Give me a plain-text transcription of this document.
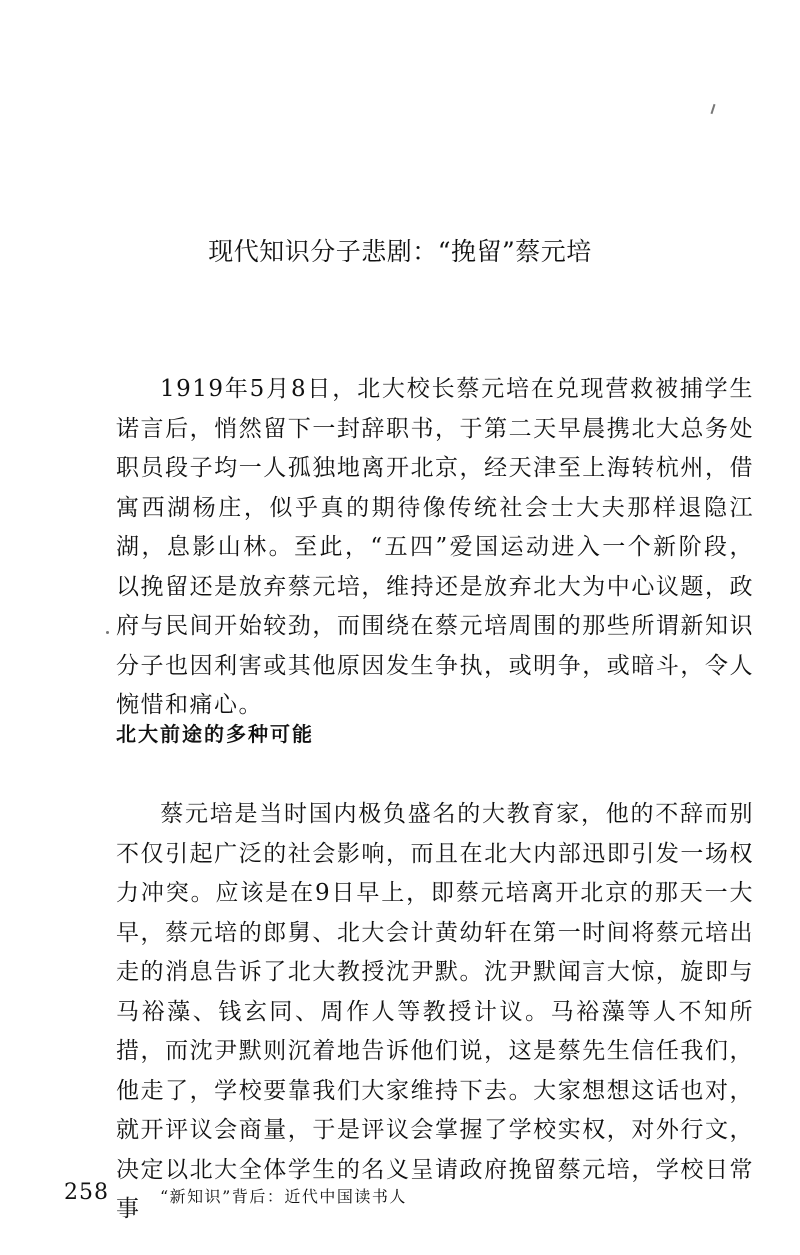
现代知识分子悲剧：“挽留”蔡元培

1919年5月8日，北大校长蔡元培在兑现营救被捕学生诺言后，悄然留下一封辞职书，于第二天早晨携北大总务处职员段子均一人孤独地离开北京，经天津至上海转杭州，借寓西湖杨庄，似乎真的期待像传统社会士大夫那样退隐江湖，息影山林。至此，“五四”爱国运动进入一个新阶段，以挽留还是放弃蔡元培，维持还是放弃北大为中心议题，政府与民间开始较劲，而围绕在蔡元培周围的那些所谓新知识分子也因利害或其他原因发生争执，或明争，或暗斗，令人惋惜和痛心。

北大前途的多种可能

蔡元培是当时国内极负盛名的大教育家，他的不辞而别不仅引起广泛的社会影响，而且在北大内部迅即引发一场权力冲突。应该是在9日早上，即蔡元培离开北京的那天一大早，蔡元培的郎舅、北大会计黄幼轩在第一时间将蔡元培出走的消息告诉了北大教授沈尹默。沈尹默闻言大惊，旋即与马裕藻、钱玄同、周作人等教授计议。马裕藻等人不知所措，而沈尹默则沉着地告诉他们说，这是蔡先生信任我们，他走了，学校要靠我们大家维持下去。大家想想这话也对，就开评议会商量，于是评议会掌握了学校实权，对外行文，决定以北大全体学生的名义呈请政府挽留蔡元培，学校日常事

258	“新知识”背后：近代中国读书人
